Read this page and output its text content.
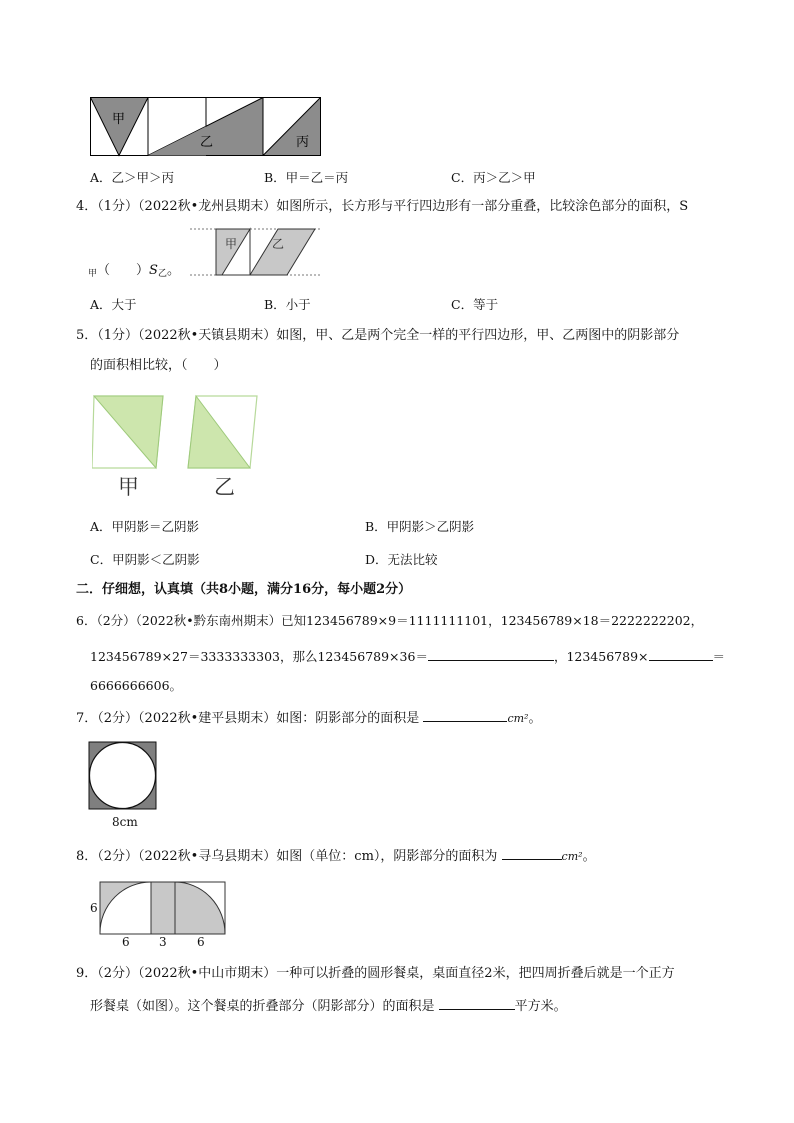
甲
乙	丙
A．乙＞甲＞丙	B．甲＝乙＝丙	C．丙＞乙＞甲
4．（1分）（2022秋•龙州县期末）如图所示，长方形与平行四边形有一部分重叠，比较涂色部分的面积，S
甲（　　）S乙。
甲	乙
A．大于	B．小于	C．等于
5．（1分）（2022秋•天镇县期末）如图，甲、乙是两个完全一样的平行四边形，甲、乙两图中的阴影部分
的面积相比较，（　　）
甲	乙
A．甲阴影＝乙阴影	B．甲阴影＞乙阴影
C．甲阴影＜乙阴影	D．无法比较
二．仔细想，认真填（共8小题，满分16分，每小题2分）
6．（2分）（2022秋•黔东南州期末）已知123456789×9＝1111111101，123456789×18＝2222222202，
123456789×27＝3333333303，那么123456789×36＝	，123456789×	＝
6666666606。
7．（2分）（2022秋•建平县期末）如图：阴影部分的面积是	cm²。
8cm
8．（2分）（2022秋•寻乌县期末）如图（单位：cm），阴影部分的面积为	cm²。
6
6 3	6
9．（2分）（2022秋•中山市期末）一种可以折叠的圆形餐桌，桌面直径2米，把四周折叠后就是一个正方
形餐桌（如图）。这个餐桌的折叠部分（阴影部分）的面积是	平方米。
